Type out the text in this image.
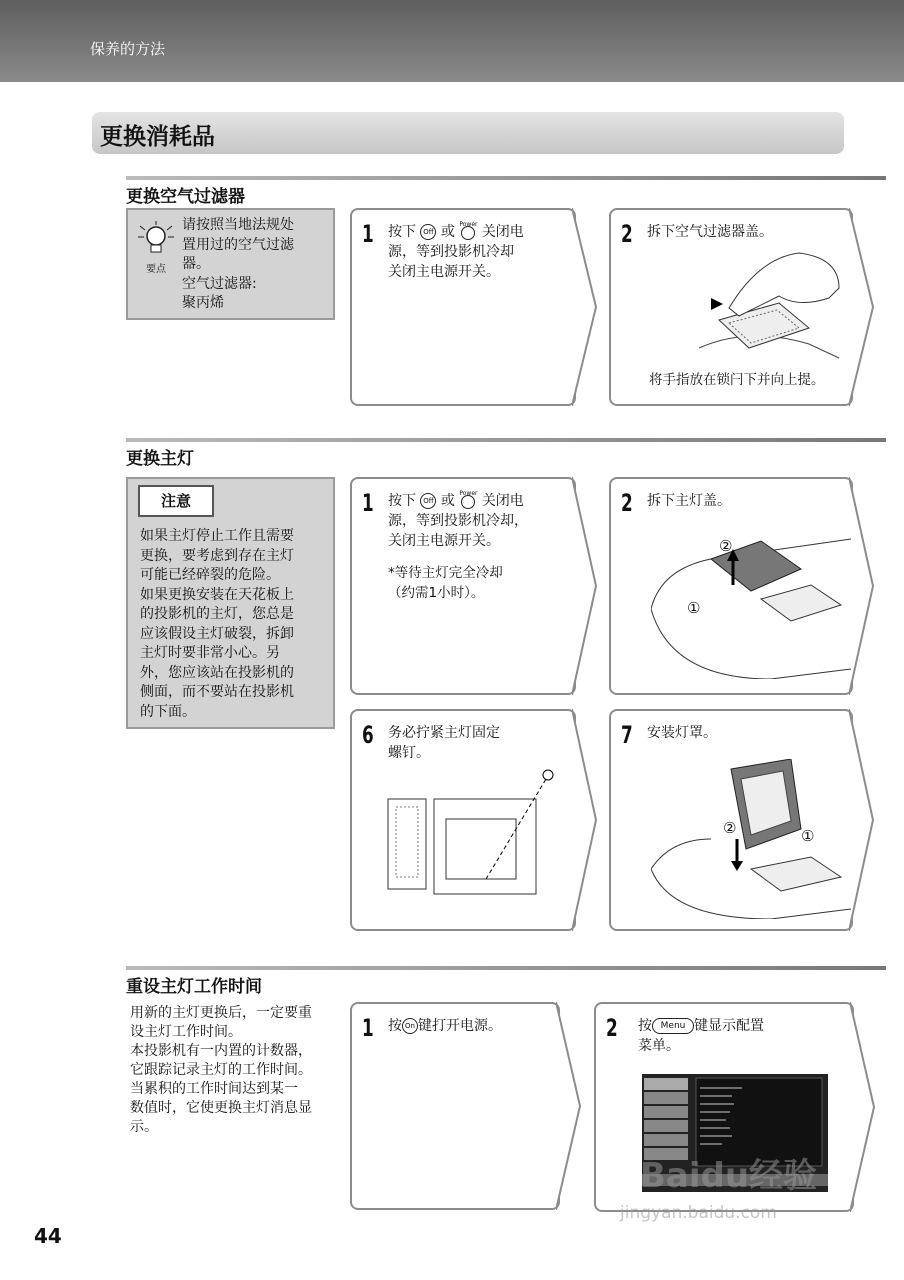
保养的方法
更换消耗品
更换空气过滤器
要点
请按照当地法规处
置用过的空气过滤
器。
空气过滤器:
聚丙烯
1 按下 Off 或 Power 关闭电
源，等到投影机冷却
关闭主电源开关。
2 拆下空气过滤器盖。
将手指放在锁闩下并向上提。
更换主灯
注意
如果主灯停止工作且需要
更换，要考虑到存在主灯
可能已经碎裂的危险。
如果更换安装在天花板上
的投影机的主灯，您总是
应该假设主灯破裂，拆卸
主灯时要非常小心。另
外，您应该站在投影机的
侧面，而不要站在投影机
的下面。
1 按下 Off 或 Power 关闭电
源，等到投影机冷却，
关闭主电源开关。
*等待主灯完全冷却
（约需1小时）。
2 拆下主灯盖。
②
①
6 务必拧紧主灯固定
螺钉。
7 安装灯罩。
②	①
重设主灯工作时间
用新的主灯更换后，一定要重
设主灯工作时间。
本投影机有一内置的计数器，
它跟踪记录主灯的工作时间。
当累积的工作时间达到某一
数值时，它使更换主灯消息显
示。
1 按 On 键打开电源。	2 按 Menu 键显示配置
菜单。
44
Baidu经验
jingyan.baidu.com
